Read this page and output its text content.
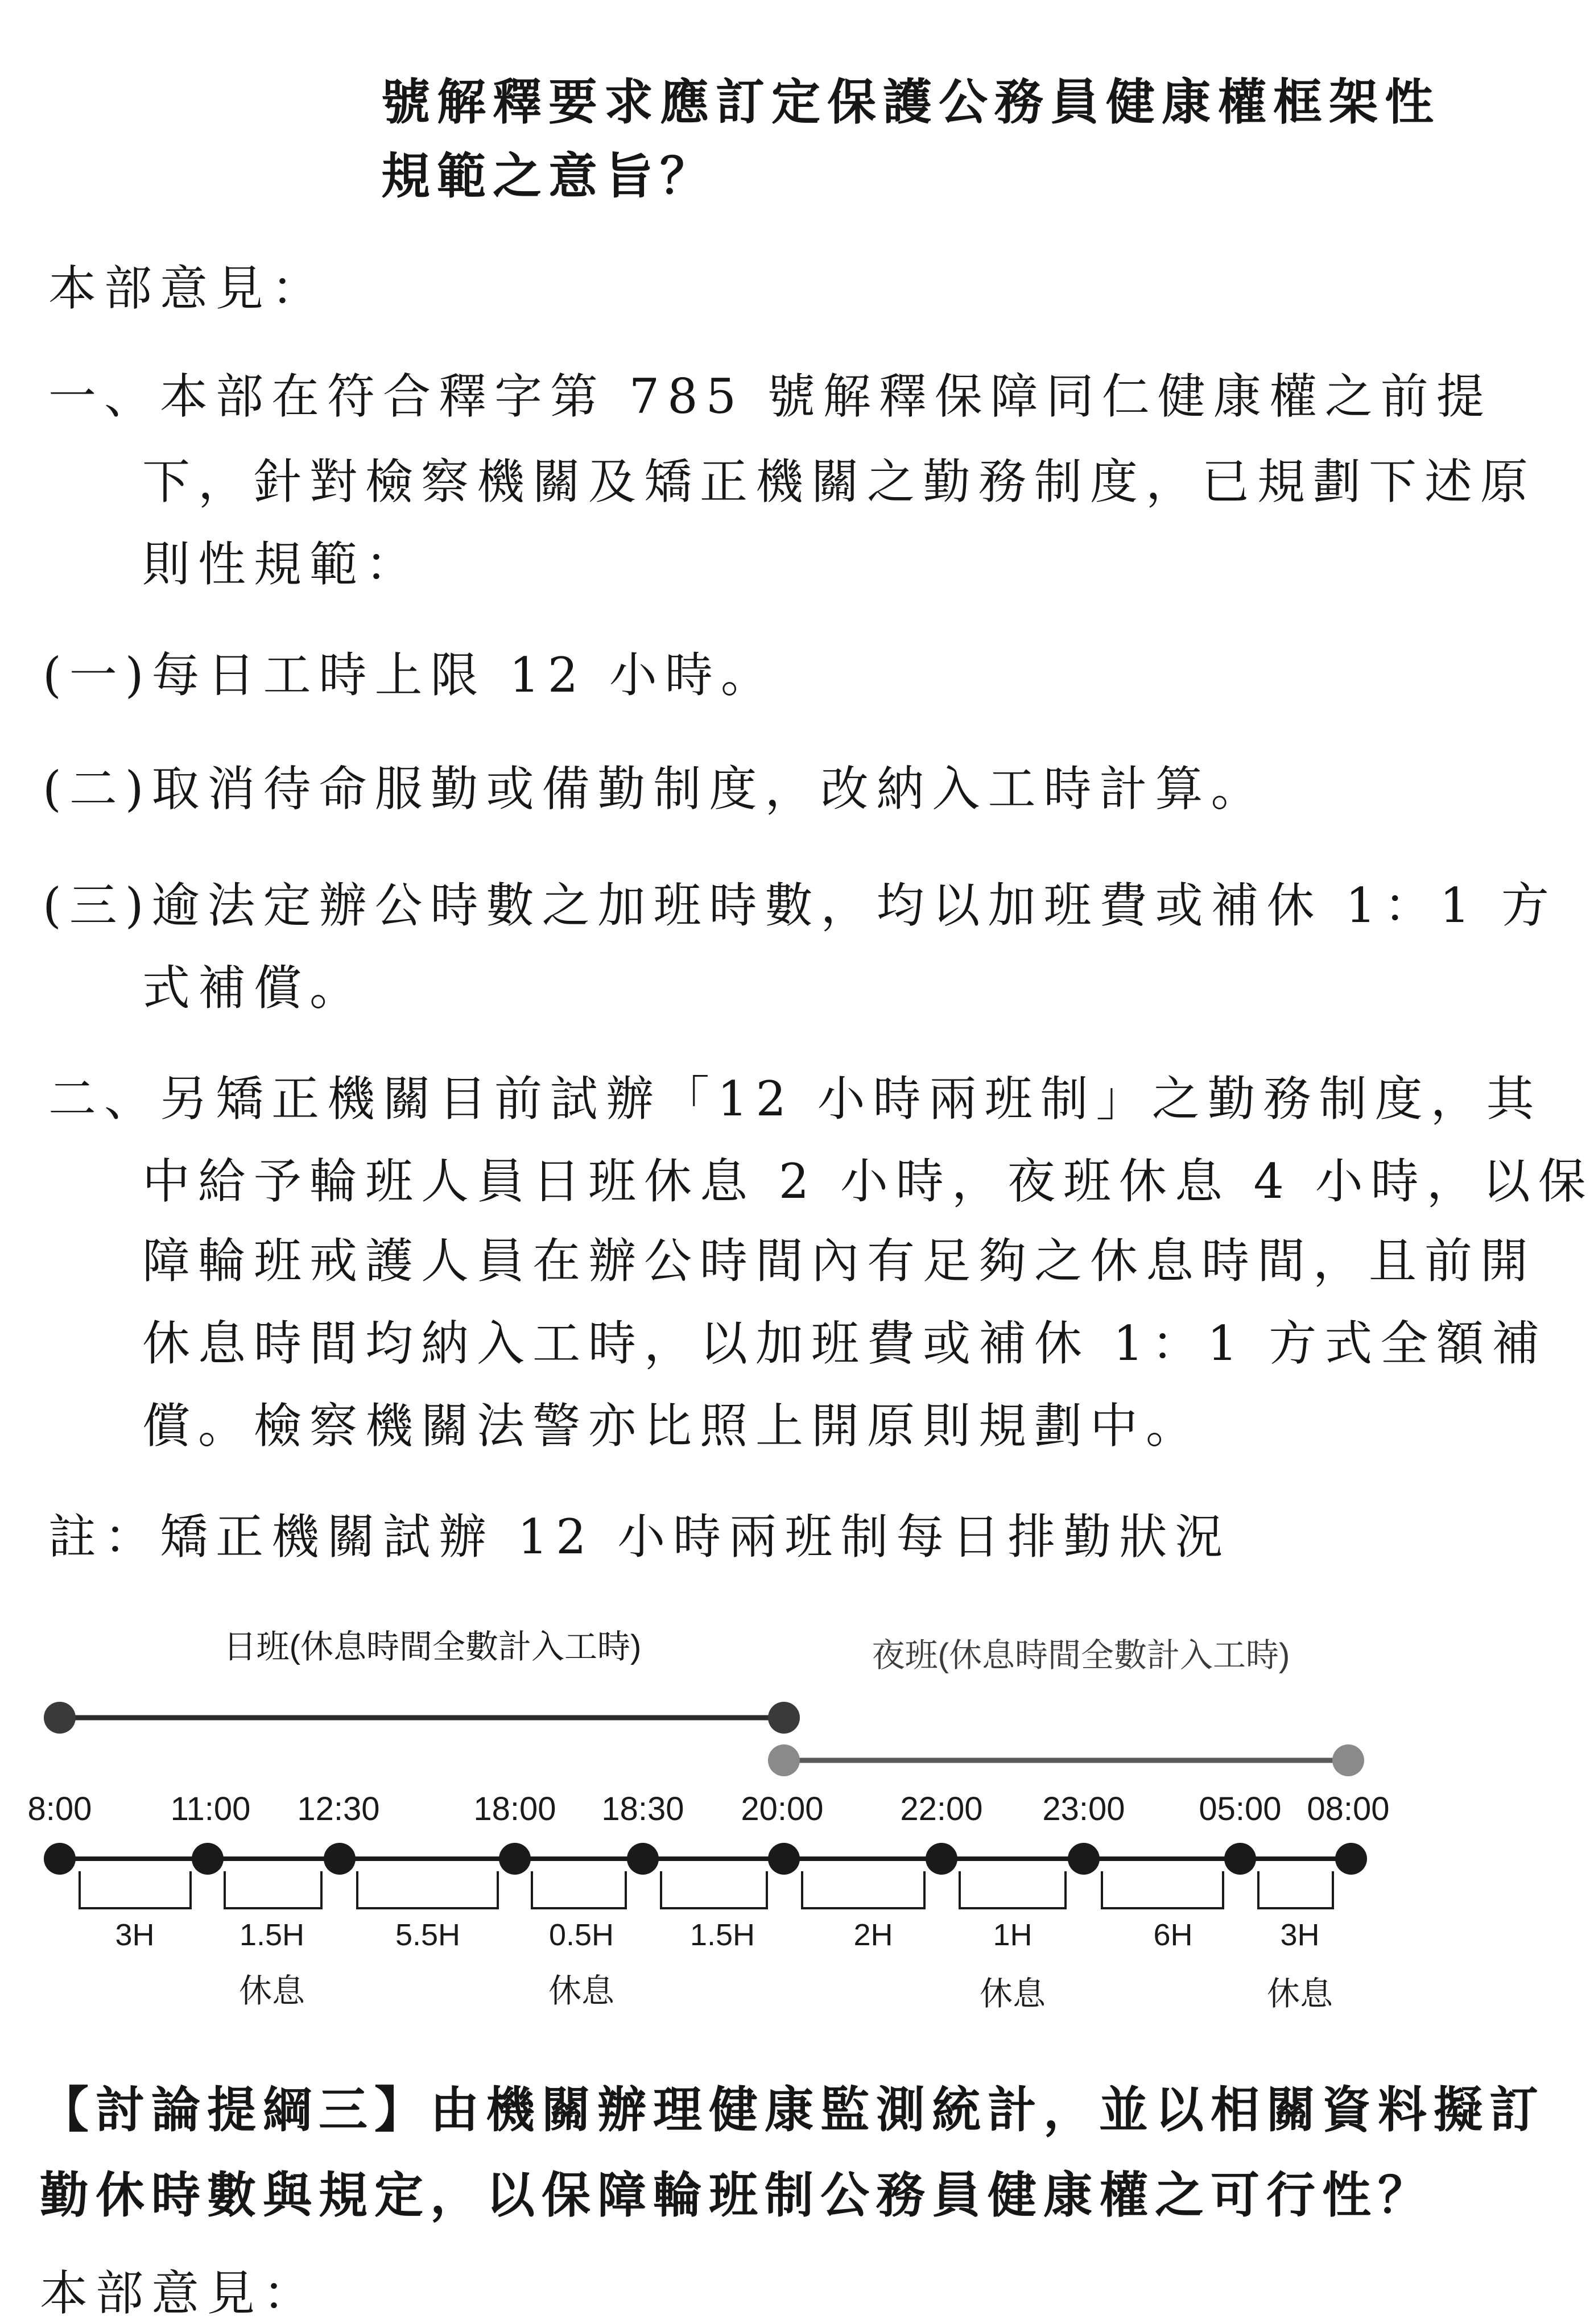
號解釋要求應訂定保護公務員健康權框架性

規範之意旨？

本部意見：

一、本部在符合釋字第 785 號解釋保障同仁健康權之前提

下，針對檢察機關及矯正機關之勤務制度，已規劃下述原

則性規範：

(一)每日工時上限 12 小時。

(二)取消待命服勤或備勤制度，改納入工時計算。

(三)逾法定辦公時數之加班時數，均以加班費或補休 1：1 方

式補償。

二、另矯正機關目前試辦「12 小時兩班制」之勤務制度，其

中給予輪班人員日班休息 2 小時，夜班休息 4 小時，以保

障輪班戒護人員在辦公時間內有足夠之休息時間，且前開

休息時間均納入工時，以加班費或補休 1：1 方式全額補

償。檢察機關法警亦比照上開原則規劃中。

註：矯正機關試辦 12 小時兩班制每日排勤狀況

日班(休息時間全數計入工時)	夜班(休息時間全數計入工時)
8:00 11:00 12:30	18:00 18:30 20:00 22:00 23:00 05:00 08:00
3H	1.5H	5.5H	0.5H 1.5H	2H	1H	6H	3H
休息	休息	休息	休息

【討論提綱三】由機關辦理健康監測統計，並以相關資料擬訂

勤休時數與規定，以保障輪班制公務員健康權之可行性？

本部意見：
